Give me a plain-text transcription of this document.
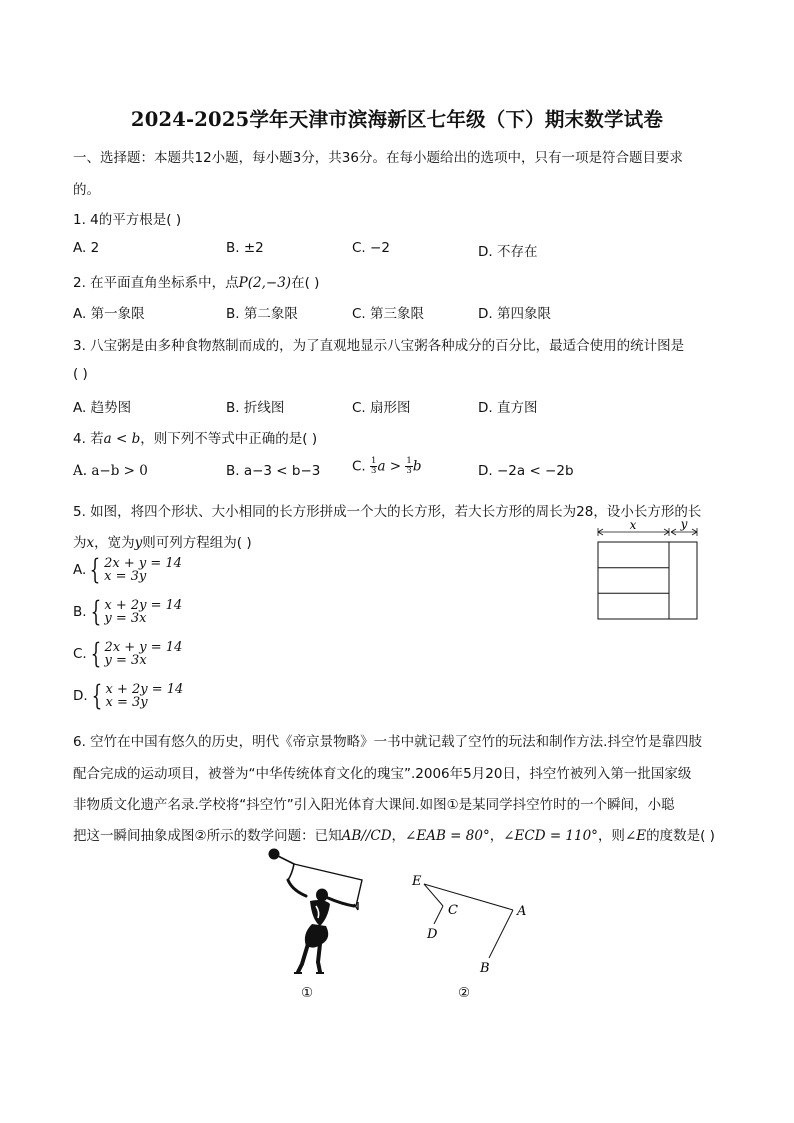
2024-2025学年天津市滨海新区七年级（下）期末数学试卷
一、选择题：本题共12小题，每小题3分，共36分。在每小题给出的选项中，只有一项是符合题目要求
的。
1. 4的平方根是( )
A. 2	B. ±2	C. −2	D. 不存在
2. 在平面直角坐标系中，点P(2,−3)在( )
A. 第一象限	B. 第二象限	C. 第三象限	D. 第四象限
3. 八宝粥是由多种食物熬制而成的，为了直观地显示八宝粥各种成分的百分比，最适合使用的统计图是
( )
A. 趋势图	B. 折线图	C. 扇形图	D. 直方图
4. 若a < b，则下列不等式中正确的是( )
A. a−b > 0	B. a−3 < b−3 C. $\frac{1}{3}$ $a > \frac{1}{3}$ b	D. −2a < −2b
5. 如图，将四个形状、大小相同的长方形拼成一个大的长方形，若大长方形的周长为28，设小长方形的长
为x，宽为y则可列方程组为( )
A. { 2x + y = 14
x = 3y
B. { x + 2y = 14
y = 3x
C. { 2x + y = 14
y = 3x
D. { x + 2y = 14
x = 3y
x	y
6. 空竹在中国有悠久的历史，明代《帝京景物略》一书中就记载了空竹的玩法和制作方法.抖空竹是靠四肢
配合完成的运动项目，被誉为“中华传统体育文化的瑰宝”.2006年5月20日，抖空竹被列入第一批国家级
非物质文化遗产名录.学校将“抖空竹”引入阳光体育大课间.如图①是某同学抖空竹时的一个瞬间，小聪
把这一瞬间抽象成图②所示的数学问题：已知AB//CD，∠EAB = 80°，∠ECD = 110°，则∠E的度数是( )
①
E
C
D
A
B
②
